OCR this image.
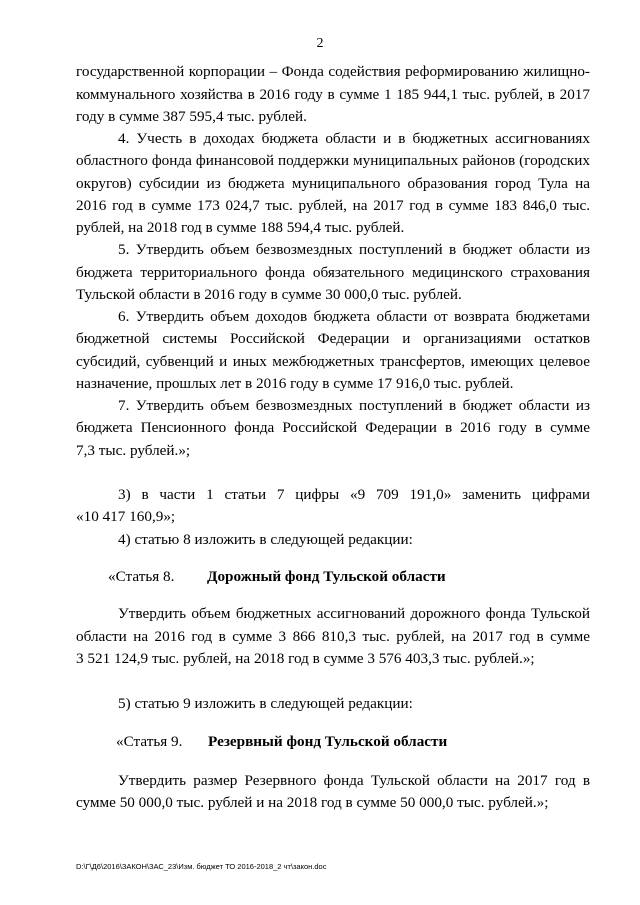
2
государственной корпорации – Фонда содействия реформированию жилищно-
коммунального хозяйства в 2016 году в сумме 1 185 944,1 тыс. рублей, в 2017
году в сумме 387 595,4 тыс. рублей.
4. Учесть в доходах бюджета области и в бюджетных ассигнованиях
областного фонда финансовой поддержки муниципальных районов (городских
округов) субсидии из бюджета муниципального образования город Тула на
2016 год в сумме 173 024,7 тыс. рублей, на 2017 год в сумме 183 846,0 тыс.
рублей, на 2018 год в сумме 188 594,4 тыс. рублей.
5. Утвердить объем безвозмездных поступлений в бюджет области из
бюджета территориального фонда обязательного медицинского страхования
Тульской области в 2016 году в сумме 30 000,0 тыс. рублей.
6. Утвердить объем доходов бюджета области от возврата бюджетами
бюджетной системы Российской Федерации и организациями остатков
субсидий, субвенций и иных межбюджетных трансфертов, имеющих целевое
назначение, прошлых лет в 2016 году в сумме 17 916,0 тыс. рублей.
7. Утвердить объем безвозмездных поступлений в бюджет области из
бюджета Пенсионного фонда Российской Федерации в 2016 году в сумме
7,3 тыс. рублей.»;
3) в части 1 статьи 7 цифры «9 709 191,0» заменить цифрами
«10 417 160,9»;
4) статью 8 изложить в следующей редакции:
«Статья 8. Дорожный фонд Тульской области
Утвердить объем бюджетных ассигнований дорожного фонда Тульской
области на 2016 год в сумме 3 866 810,3 тыс. рублей, на 2017 год в сумме
3 521 124,9 тыс. рублей, на 2018 год в сумме 3 576 403,3 тыс. рублей.»;
5) статью 9 изложить в следующей редакции:
«Статья 9. Резервный фонд Тульской области
Утвердить размер Резервного фонда Тульской области на 2017 год в
сумме 50 000,0 тыс. рублей и на 2018 год в сумме 50 000,0 тыс. рублей.»;
D:\Г\Д6\2016\ЗАКОН\ЗАС_23\Изм. бюджет ТО 2016-2018_2 чт\закон.doc
